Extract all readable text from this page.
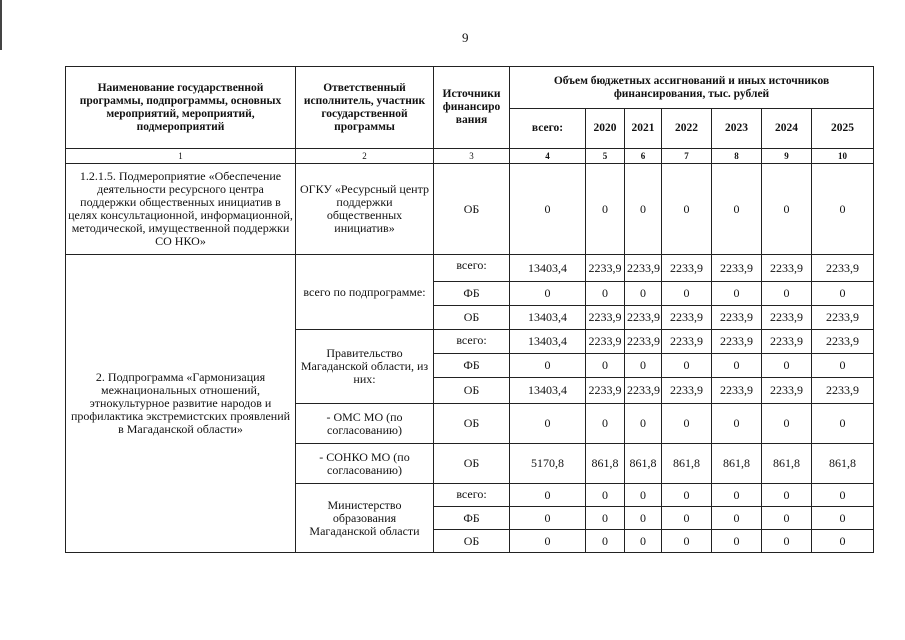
9
Наименование государственной программы, подпрограммы, основных мероприятий, мероприятий, подмероприятий	Ответственный исполнитель, участник государственной программы	Источники финансиро вания	Объем бюджетных ассигнований и иных источников финансирования, тыс. рублей						
			всего:	2020	2021	2022	2023	2024	2025
1	2	3	4	5	6	7	8	9	10
1.2.1.5. Подмероприятие «Обеспечение деятельности ресурсного центра поддержки общественных инициатив в целях консультационной, информационной, методической, имущественной поддержки СО НКО»	ОГКУ «Ресурсный центр поддержки общественных инициатив»	ОБ	0	0	0	0	0	0	0
2. Подпрограмма «Гармонизация межнациональных отношений, этнокультурное развитие народов и профилактика экстремистских проявлений в Магаданской области»	всего по подпрограмме:	всего:	13403,4	2233,9	2233,9	2233,9	2233,9	2233,9	2233,9
		ФБ	0	0	0	0	0	0	0
		ОБ	13403,4	2233,9	2233,9	2233,9	2233,9	2233,9	2233,9
	Правительство Магаданской области, из них:	всего:	13403,4	2233,9	2233,9	2233,9	2233,9	2233,9	2233,9
		ФБ	0	0	0	0	0	0	0
		ОБ	13403,4	2233,9	2233,9	2233,9	2233,9	2233,9	2233,9
	- ОМС МО (по согласованию)	ОБ	0	0	0	0	0	0	0
	- СОНКО МО (по согласованию)	ОБ	5170,8	861,8	861,8	861,8	861,8	861,8	861,8
	Министерство образования Магаданской области	всего:	0	0	0	0	0	0	0
		ФБ	0	0	0	0	0	0	0
		ОБ	0	0	0	0	0	0	0
